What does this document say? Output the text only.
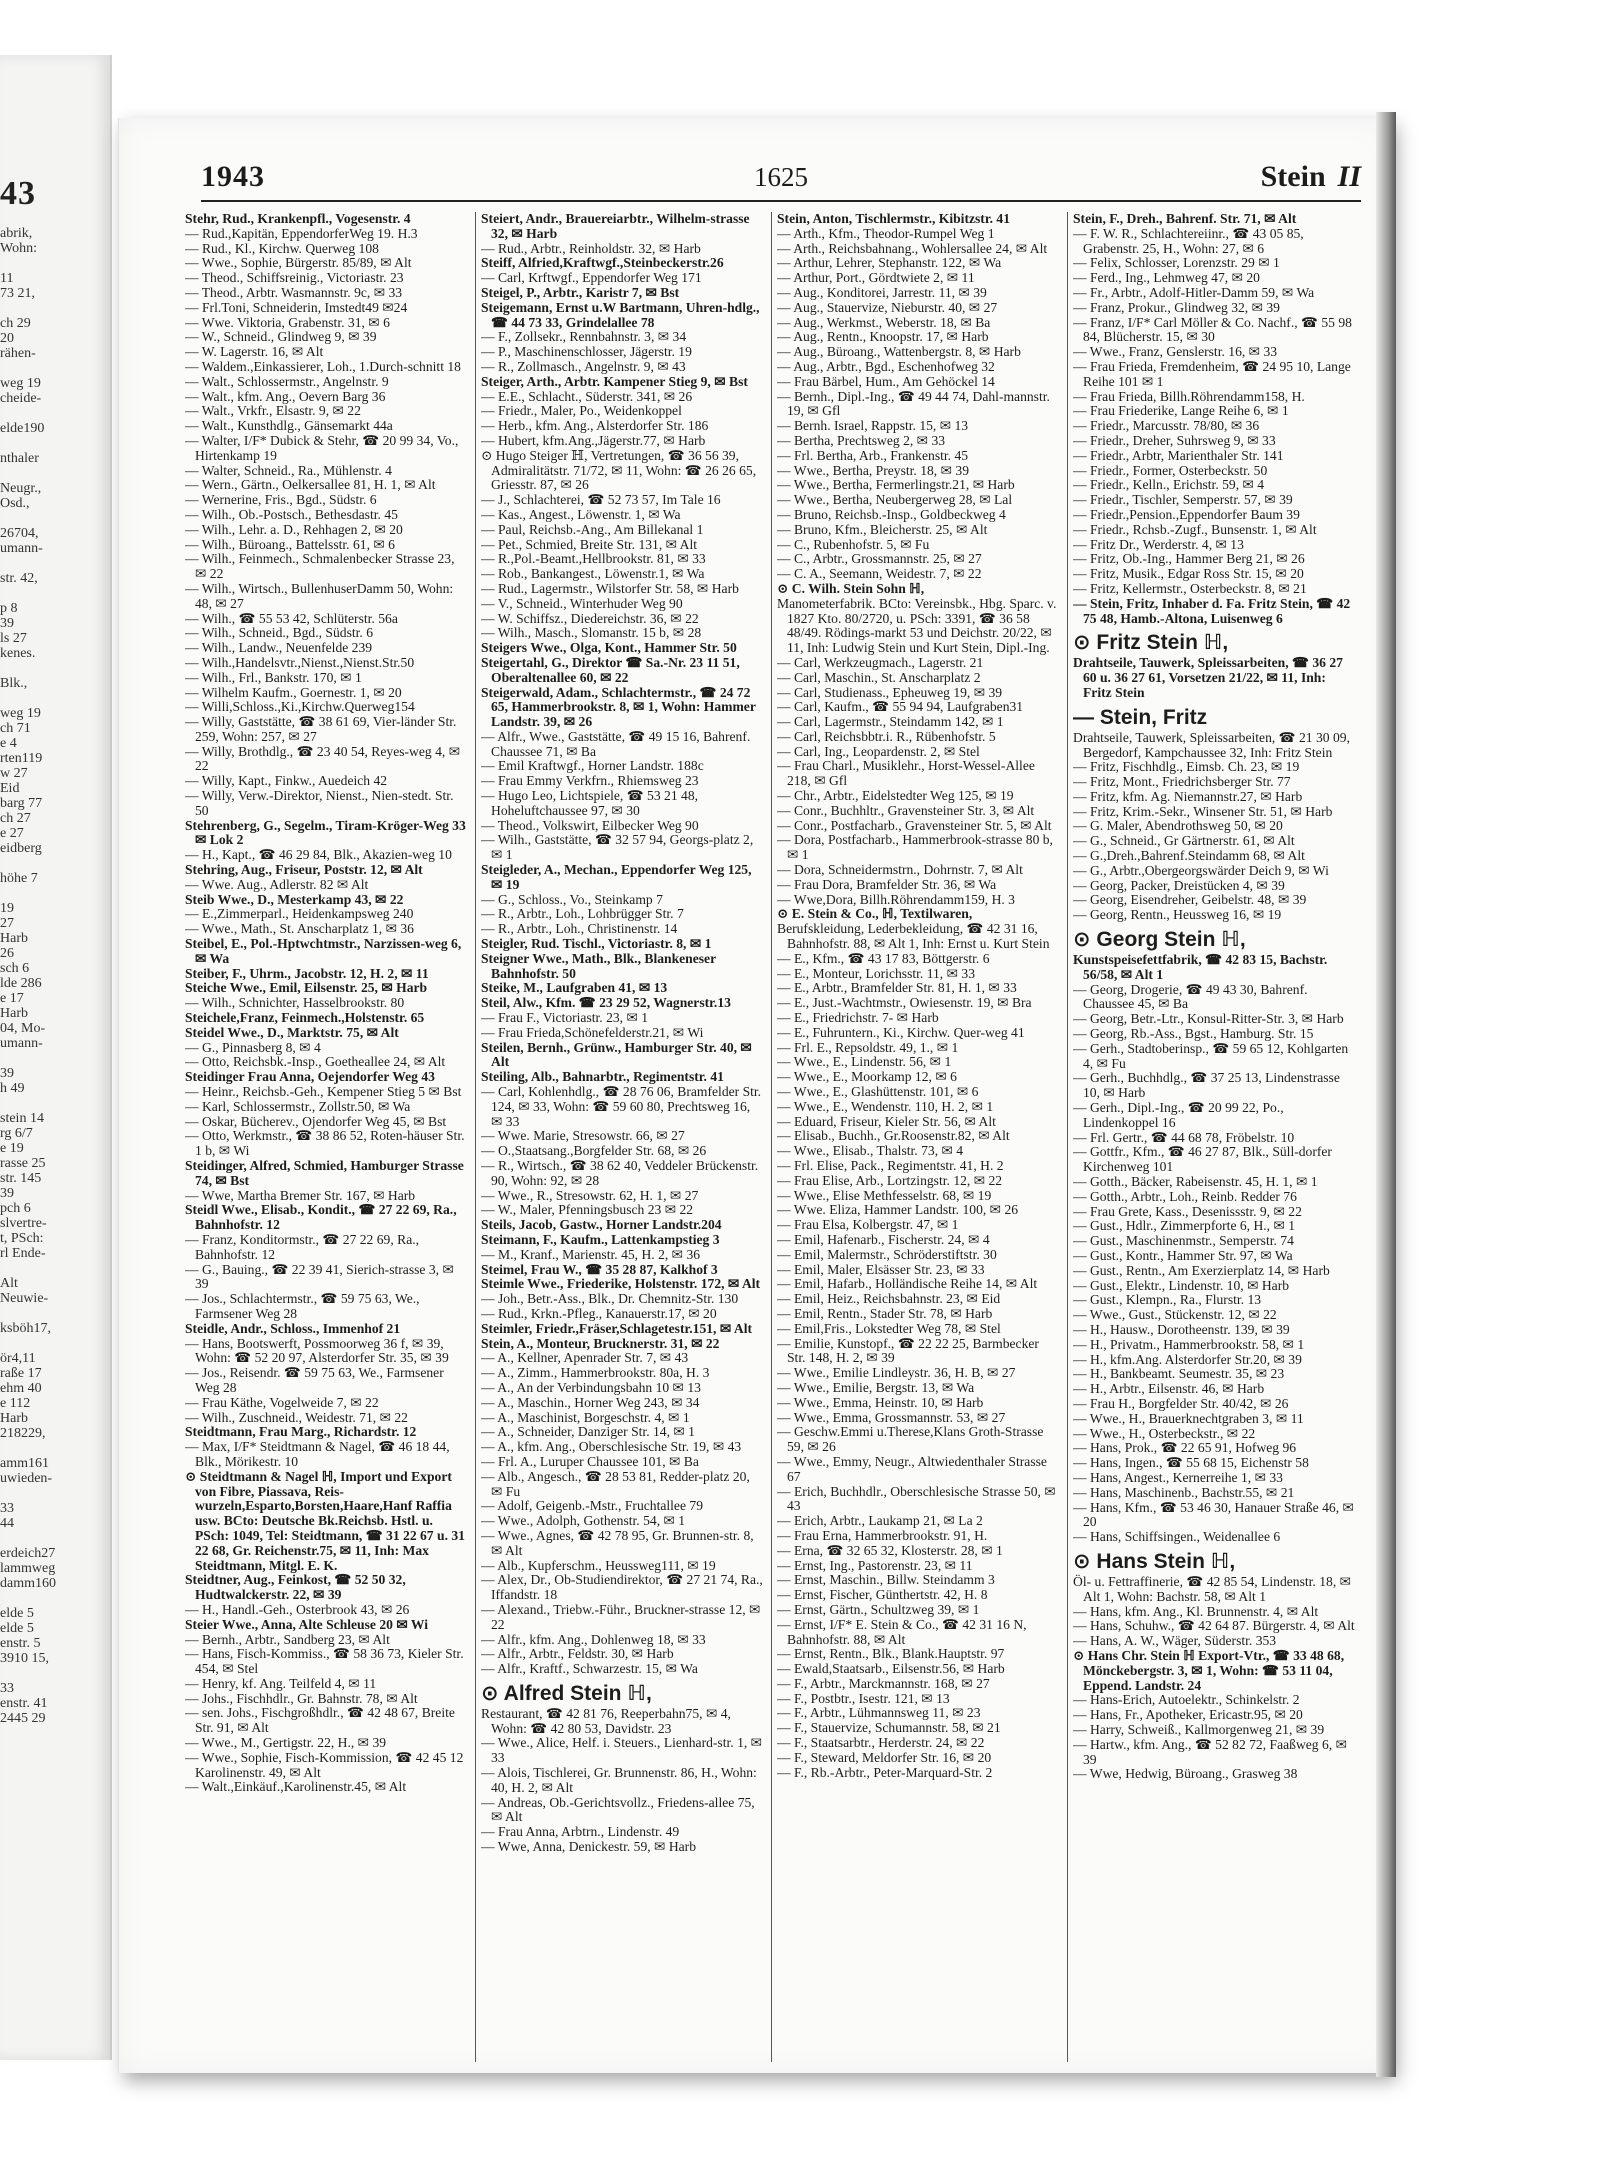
43
abrik,
Wohn:
11
73 21,
ch 29
20
rähen-
weg 19
cheide-
elde190
nthaler
Neugr.,
Osd.,
26704,
umann-
str. 42,
p 8
39
ls 27
kenes.
Blk.,
weg 19
ch 71
e 4
rten119
w 27
Eid
barg 77
ch 27
e 27
eidberg
höhe 7
19
27
Harb
26
sch 6
lde 286
e 17
Harb
04, Mo-
umann-
39
h 49
stein 14
rg 6/7
e 19
rasse 25
str. 145
39
pch 6
slvertre-
t, PSch:
rl Ende-
Alt
Neuwie-
ksböh17,
ör4,11
raße 17
ehm 40
e 112
Harb
218229,
amm161
uwieden-
33
44
erdeich27
lammweg
damm160
elde 5
elde 5
enstr. 5
3910 15,
33
enstr. 41
2445 29
1943	1625	Stein II

Stehr, Rud., Krankenpfl., Vogesenstr. 4

— Rud.,Kapitän, EppendorferWeg 19. H.3

— Rud., Kl., Kirchw. Querweg 108

— Wwe., Sophie, Bürgerstr. 85/89, ✉ Alt

— Theod., Schiffsreinig., Victoriastr. 23

— Theod., Arbtr. Wasmannstr. 9c, ✉ 33

— Frl.Toni, Schneiderin, Imstedt49 ✉24

— Wwe. Viktoria, Grabenstr. 31, ✉ 6

— W., Schneid., Glindweg 9, ✉ 39

— W. Lagerstr. 16, ✉ Alt

— Waldem.,Einkassierer, Loh., 1.Durch-schnitt 18

— Walt., Schlossermstr., Angelnstr. 9

— Walt., kfm. Ang., Oevern Barg 36

— Walt., Vrkfr., Elsastr. 9, ✉ 22

— Walt., Kunsthdlg., Gänsemarkt 44a

— Walter, I/F* Dubick & Stehr, ☎ 20 99 34, Vo., Hirtenkamp 19

— Walter, Schneid., Ra., Mühlenstr. 4

— Wern., Gärtn., Oelkersallee 81, H. 1, ✉ Alt

— Wernerine, Fris., Bgd., Südstr. 6

— Wilh., Ob.-Postsch., Bethesdastr. 45

— Wilh., Lehr. a. D., Rehhagen 2, ✉ 20

— Wilh., Büroang., Battelsstr. 61, ✉ 6

— Wilh., Feinmech., Schmalenbecker Strasse 23, ✉ 22

— Wilh., Wirtsch., BullenhuserDamm 50, Wohn: 48, ✉ 27

— Wilh., ☎ 55 53 42, Schlüterstr. 56a

— Wilh., Schneid., Bgd., Südstr. 6

— Wilh., Landw., Neuenfelde 239

— Wilh.,Handelsvtr.,Nienst.,Nienst.Str.50

— Wilh., Frl., Bankstr. 170, ✉ 1

— Wilhelm Kaufm., Goernestr. 1, ✉ 20

— Willi,Schloss.,Ki.,Kirchw.Querweg154

— Willy, Gaststätte, ☎ 38 61 69, Vier-länder Str. 259, Wohn: 257, ✉ 27

— Willy, Brothdlg., ☎ 23 40 54, Reyes-weg 4, ✉ 22

— Willy, Kapt., Finkw., Auedeich 42

— Willy, Verw.-Direktor, Nienst., Nien-stedt. Str. 50

Stehrenberg, G., Segelm., Tiram-Kröger-Weg 33 ✉ Lok 2

— H., Kapt., ☎ 46 29 84, Blk., Akazien-weg 10

Stehring, Aug., Friseur, Poststr. 12, ✉ Alt

— Wwe. Aug., Adlerstr. 82 ✉ Alt

Steib Wwe., D., Mesterkamp 43, ✉ 22

— E.,Zimmerparl., Heidenkampsweg 240

— Wwe., Math., St. Anscharplatz 1, ✉ 36

Steibel, E., Pol.-Hptwchtmstr., Narzissen-weg 6, ✉ Wa

Steiber, F., Uhrm., Jacobstr. 12, H. 2, ✉ 11

Steiche Wwe., Emil, Eilsenstr. 25, ✉ Harb

— Wilh., Schnichter, Hasselbrookstr. 80

Steichele,Franz, Feinmech.,Holstenstr. 65

Steidel Wwe., D., Marktstr. 75, ✉ Alt

— G., Pinnasberg 8, ✉ 4

— Otto, Reichsbk.-Insp., Goetheallee 24, ✉ Alt

Steidinger Frau Anna, Oejendorfer Weg 43

— Heinr., Reichsb.-Geh., Kempener Stieg 5 ✉ Bst

— Karl, Schlossermstr., Zollstr.50, ✉ Wa

— Oskar, Bücherev., Ojendorfer Weg 45, ✉ Bst

— Otto, Werkmstr., ☎ 38 86 52, Roten-häuser Str. 1 b, ✉ Wi

Steidinger, Alfred, Schmied, Hamburger Strasse 74, ✉ Bst

— Wwe, Martha Bremer Str. 167, ✉ Harb

Steidl Wwe., Elisab., Kondit., ☎ 27 22 69, Ra., Bahnhofstr. 12

— Franz, Konditormstr., ☎ 27 22 69, Ra., Bahnhofstr. 12

— G., Bauing., ☎ 22 39 41, Sierich-strasse 3, ✉ 39

— Jos., Schlachtermstr., ☎ 59 75 63, We., Farmsener Weg 28

Steidle, Andr., Schloss., Immenhof 21

— Hans, Bootswerft, Possmoorweg 36 f, ✉ 39, Wohn: ☎ 52 20 97, Alsterdorfer Str. 35, ✉ 39

— Jos., Reisendr. ☎ 59 75 63, We., Farmsener Weg 28

— Frau Käthe, Vogelweide 7, ✉ 22

— Wilh., Zuschneid., Weidestr. 71, ✉ 22

Steidtmann, Frau Marg., Richardstr. 12

— Max, I/F* Steidtmann & Nagel, ☎ 46 18 44, Blk., Mörikestr. 10

⊙ Steidtmann & Nagel ℍ, Import und Export von Fibre, Piassava, Reis-wurzeln,Esparto,Borsten,Haare,Hanf Raffia usw. BCto: Deutsche Bk.Reichsb. Hstl. u. PSch: 1049, Tel: Steidtmann, ☎ 31 22 67 u. 31 22 68, Gr. Reichenstr.75, ✉ 11, Inh: Max Steidtmann, Mitgl. E. K.

Steidtner, Aug., Feinkost, ☎ 52 50 32, Hudtwalckerstr. 22, ✉ 39

— H., Handl.-Geh., Osterbrook 43, ✉ 26

Steier Wwe., Anna, Alte Schleuse 20 ✉ Wi

— Bernh., Arbtr., Sandberg 23, ✉ Alt

— Hans, Fisch-Kommiss., ☎ 58 36 73, Kieler Str. 454, ✉ Stel

— Henry, kf. Ang. Teilfeld 4, ✉ 11

— Johs., Fischhdlr., Gr. Bahnstr. 78, ✉ Alt

— sen. Johs., Fischgroßhdlr., ☎ 42 48 67, Breite Str. 91, ✉ Alt

— Wwe., M., Gertigstr. 22, H., ✉ 39

— Wwe., Sophie, Fisch-Kommission, ☎ 42 45 12 Karolinenstr. 49, ✉ Alt

— Walt.,Einkäuf.,Karolinenstr.45, ✉ Alt

Steiert, Andr., Brauereiarbtr., Wilhelm-strasse 32, ✉ Harb

— Rud., Arbtr., Reinholdstr. 32, ✉ Harb

Steiff, Alfried,Kraftwgf.,Steinbeckerstr.26

— Carl, Krftwgf., Eppendorfer Weg 171

Steigel, P., Arbtr., Karistr 7, ✉ Bst

Steigemann, Ernst u.W Bartmann, Uhren-hdlg., ☎ 44 73 33, Grindelallee 78

— F., Zollsekr., Rennbahnstr. 3, ✉ 34

— P., Maschinenschlosser, Jägerstr. 19

— R., Zollmasch., Angelnstr. 9, ✉ 43

Steiger, Arth., Arbtr. Kampener Stieg 9, ✉ Bst

— E.E., Schlacht., Süderstr. 341, ✉ 26

— Friedr., Maler, Po., Weidenkoppel

— Herb., kfm. Ang., Alsterdorfer Str. 186

— Hubert, kfm.Ang.,Jägerstr.77, ✉ Harb

⊙ Hugo Steiger ℍ, Vertretungen, ☎ 36 56 39, Admiralitätstr. 71/72, ✉ 11, Wohn: ☎ 26 26 65, Griesstr. 87, ✉ 26

— J., Schlachterei, ☎ 52 73 57, Im Tale 16

— Kas., Angest., Löwenstr. 1, ✉ Wa

— Paul, Reichsb.-Ang., Am Billekanal 1

— Pet., Schmied, Breite Str. 131, ✉ Alt

— R.,Pol.-Beamt.,Hellbrookstr. 81, ✉ 33

— Rob., Bankangest., Löwenstr.1, ✉ Wa

— Rud., Lagermstr., Wilstorfer Str. 58, ✉ Harb

— V., Schneid., Winterhuder Weg 90

— W. Schiffsz., Diedereichstr. 36, ✉ 22

— Wilh., Masch., Slomanstr. 15 b, ✉ 28

Steigers Wwe., Olga, Kont., Hammer Str. 50

Steigertahl, G., Direktor ☎ Sa.-Nr. 23 11 51, Oberaltenallee 60, ✉ 22

Steigerwald, Adam., Schlachtermstr., ☎ 24 72 65, Hammerbrookstr. 8, ✉ 1, Wohn: Hammer Landstr. 39, ✉ 26

— Alfr., Wwe., Gaststätte, ☎ 49 15 16, Bahrenf. Chaussee 71, ✉ Ba

— Emil Kraftwgf., Horner Landstr. 188c

— Frau Emmy Verkfrn., Rhiemsweg 23

— Hugo Leo, Lichtspiele, ☎ 53 21 48, Hoheluftchaussee 97, ✉ 30

— Theod., Volkswirt, Eilbecker Weg 90

— Wilh., Gaststätte, ☎ 32 57 94, Georgs-platz 2, ✉ 1

Steigleder, A., Mechan., Eppendorfer Weg 125, ✉ 19

— G., Schloss., Vo., Steinkamp 7

— R., Arbtr., Loh., Lohbrügger Str. 7

— R., Arbtr., Loh., Christinenstr. 14

Steigler, Rud. Tischl., Victoriastr. 8, ✉ 1

Steigner Wwe., Math., Blk., Blankeneser Bahnhofstr. 50

Steike, M., Laufgraben 41, ✉ 13

Steil, Alw., Kfm. ☎ 23 29 52, Wagnerstr.13

— Frau F., Victoriastr. 23, ✉ 1

— Frau Frieda,Schönefelderstr.21, ✉ Wi

Steilen, Bernh., Grünw., Hamburger Str. 40, ✉ Alt

Steiling, Alb., Bahnarbtr., Regimentstr. 41

— Carl, Kohlenhdlg., ☎ 28 76 06, Bramfelder Str. 124, ✉ 33, Wohn: ☎ 59 60 80, Prechtsweg 16, ✉ 33

— Wwe. Marie, Stresowstr. 66, ✉ 27

— O.,Staatsang.,Borgfelder Str. 68, ✉ 26

— R., Wirtsch., ☎ 38 62 40, Veddeler Brückenstr. 90, Wohn: 92, ✉ 28

— Wwe., R., Stresowstr. 62, H. 1, ✉ 27

— W., Maler, Pfenningsbusch 23 ✉ 22

Steils, Jacob, Gastw., Horner Landstr.204

Steimann, F., Kaufm., Lattenkampstieg 3

— M., Kranf., Marienstr. 45, H. 2, ✉ 36

Steimel, Frau W., ☎ 35 28 87, Kalkhof 3

Steimle Wwe., Friederike, Holstenstr. 172, ✉ Alt

— Joh., Betr.-Ass., Blk., Dr. Chemnitz-Str. 130

— Rud., Krkn.-Pfleg., Kanauerstr.17, ✉ 20

Steimler, Friedr.,Fräser,Schlagetestr.151, ✉ Alt

Stein, A., Monteur, Brucknerstr. 31, ✉ 22

— A., Kellner, Apenrader Str. 7, ✉ 43

— A., Zimm., Hammerbrookstr. 80a, H. 3

— A., An der Verbindungsbahn 10 ✉ 13

— A., Maschin., Horner Weg 243, ✉ 34

— A., Maschinist, Borgeschstr. 4, ✉ 1

— A., Schneider, Danziger Str. 14, ✉ 1

— A., kfm. Ang., Oberschlesische Str. 19, ✉ 43

— Frl. A., Luruper Chaussee 101, ✉ Ba

— Alb., Angesch., ☎ 28 53 81, Redder-platz 20, ✉ Fu

— Adolf, Geigenb.-Mstr., Fruchtallee 79

— Wwe., Adolph, Gothenstr. 54, ✉ 1

— Wwe., Agnes, ☎ 42 78 95, Gr. Brunnen-str. 8, ✉ Alt

— Alb., Kupferschm., Heussweg111, ✉ 19

— Alex, Dr., Ob-Studiendirektor, ☎ 27 21 74, Ra., Iffandstr. 18

— Alexand., Triebw.-Führ., Bruckner-strasse 12, ✉ 22

— Alfr., kfm. Ang., Dohlenweg 18, ✉ 33

— Alfr., Arbtr., Feldstr. 30, ✉ Harb

— Alfr., Kraftf., Schwarzestr. 15, ✉ Wa

⊙ Alfred Stein ℍ,

Restaurant, ☎ 42 81 76, Reeperbahn75, ✉ 4, Wohn: ☎ 42 80 53, Davidstr. 23

— Wwe., Alice, Helf. i. Steuers., Lienhard-str. 1, ✉ 33

— Alois, Tischlerei, Gr. Brunnenstr. 86, H., Wohn: 40, H. 2, ✉ Alt

— Andreas, Ob.-Gerichtsvollz., Friedens-allee 75, ✉ Alt

— Frau Anna, Arbtrn., Lindenstr. 49

— Wwe, Anna, Denickestr. 59, ✉ Harb

Stein, Anton, Tischlermstr., Kibitzstr. 41

— Arth., Kfm., Theodor-Rumpel Weg 1

— Arth., Reichsbahnang., Wohlersallee 24, ✉ Alt

— Arthur, Lehrer, Stephanstr. 122, ✉ Wa

— Arthur, Port., Gördtwiete 2, ✉ 11

— Aug., Konditorei, Jarrestr. 11, ✉ 39

— Aug., Stauervize, Nieburstr. 40, ✉ 27

— Aug., Werkmst., Weberstr. 18, ✉ Ba

— Aug., Rentn., Knoopstr. 17, ✉ Harb

— Aug., Büroang., Wattenbergstr. 8, ✉ Harb

— Aug., Arbtr., Bgd., Eschenhofweg 32

— Frau Bärbel, Hum., Am Gehöckel 14

— Bernh., Dipl.-Ing., ☎ 49 44 74, Dahl-mannstr. 19, ✉ Gfl

— Bernh. Israel, Rappstr. 15, ✉ 13

— Bertha, Prechtsweg 2, ✉ 33

— Frl. Bertha, Arb., Frankenstr. 45

— Wwe., Bertha, Preystr. 18, ✉ 39

— Wwe., Bertha, Fermerlingstr.21, ✉ Harb

— Wwe., Bertha, Neubergerweg 28, ✉ Lal

— Bruno, Reichsb.-Insp., Goldbeckweg 4

— Bruno, Kfm., Bleicherstr. 25, ✉ Alt

— C., Rubenhofstr. 5, ✉ Fu

— C., Arbtr., Grossmannstr. 25, ✉ 27

— C. A., Seemann, Weidestr. 7, ✉ 22

⊙ C. Wilh. Stein Sohn ℍ,

Manometerfabrik. BCto: Vereinsbk., Hbg. Sparc. v. 1827 Kto. 80/2720, u. PSch: 3391, ☎ 36 58 48/49. Rödings-markt 53 und Deichstr. 20/22, ✉ 11, Inh: Ludwig Stein und Kurt Stein, Dipl.-Ing.

— Carl, Werkzeugmach., Lagerstr. 21

— Carl, Maschin., St. Anscharplatz 2

— Carl, Studienass., Epheuweg 19, ✉ 39

— Carl, Kaufm., ☎ 55 94 94, Laufgraben31

— Carl, Lagermstr., Steindamm 142, ✉ 1

— Carl, Reichsbbtr.i. R., Rübenhofstr. 5

— Carl, Ing., Leopardenstr. 2, ✉ Stel

— Frau Charl., Musiklehr., Horst-Wessel-Allee 218, ✉ Gfl

— Chr., Arbtr., Eidelstedter Weg 125, ✉ 19

— Conr., Buchhltr., Gravensteiner Str. 3, ✉ Alt

— Conr., Postfacharb., Gravensteiner Str. 5, ✉ Alt

— Dora, Postfacharb., Hammerbrook-strasse 80 b, ✉ 1

— Dora, Schneidermstrn., Dohrnstr. 7, ✉ Alt

— Frau Dora, Bramfelder Str. 36, ✉ Wa

— Wwe,Dora, Billh.Röhrendamm159, H. 3

⊙ E. Stein & Co., ℍ, Textilwaren,

Berufskleidung, Lederbekleidung, ☎ 42 31 16, Bahnhofstr. 88, ✉ Alt 1, Inh: Ernst u. Kurt Stein

— E., Kfm., ☎ 43 17 83, Böttgerstr. 6

— E., Monteur, Lorichsstr. 11, ✉ 33

— E., Arbtr., Bramfelder Str. 81, H. 1, ✉ 33

— E., Just.-Wachtmstr., Owiesenstr. 19, ✉ Bra

— E., Friedrichstr. 7- ✉ Harb

— E., Fuhruntern., Ki., Kirchw. Quer-weg 41

— Frl. E., Repsoldstr. 49, 1., ✉ 1

— Wwe., E., Lindenstr. 56, ✉ 1

— Wwe., E., Moorkamp 12, ✉ 6

— Wwe., E., Glashüttenstr. 101, ✉ 6

— Wwe., E., Wendenstr. 110, H. 2, ✉ 1

— Eduard, Friseur, Kieler Str. 56, ✉ Alt

— Elisab., Buchh., Gr.Roosenstr.82, ✉ Alt

— Wwe., Elisab., Thalstr. 73, ✉ 4

— Frl. Elise, Pack., Regimentstr. 41, H. 2

— Frau Elise, Arb., Lortzingstr. 12, ✉ 22

— Wwe., Elise Methfesselstr. 68, ✉ 19

— Wwe. Eliza, Hammer Landstr. 100, ✉ 26

— Frau Elsa, Kolbergstr. 47, ✉ 1

— Emil, Hafenarb., Fischerstr. 24, ✉ 4

— Emil, Malermstr., Schröderstiftstr. 30

— Emil, Maler, Elsässer Str. 23, ✉ 33

— Emil, Hafarb., Holländische Reihe 14, ✉ Alt

— Emil, Heiz., Reichsbahnstr. 23, ✉ Eid

— Emil, Rentn., Stader Str. 78, ✉ Harb

— Emil,Fris., Lokstedter Weg 78, ✉ Stel

— Emilie, Kunstopf., ☎ 22 22 25, Barmbecker Str. 148, H. 2, ✉ 39

— Wwe., Emilie Lindleystr. 36, H. B, ✉ 27

— Wwe., Emilie, Bergstr. 13, ✉ Wa

— Wwe., Emma, Heinstr. 10, ✉ Harb

— Wwe., Emma, Grossmannstr. 53, ✉ 27

— Geschw.Emmi u.Therese,Klans Groth-Strasse 59, ✉ 26

— Wwe., Emmy, Neugr., Altwiedenthaler Strasse 67

— Erich, Buchhdlr., Oberschlesische Strasse 50, ✉ 43

— Erich, Arbtr., Laukamp 21, ✉ La 2

— Frau Erna, Hammerbrookstr. 91, H.

— Erna, ☎ 32 65 32, Klosterstr. 28, ✉ 1

— Ernst, Ing., Pastorenstr. 23, ✉ 11

— Ernst, Maschin., Billw. Steindamm 3

— Ernst, Fischer, Günthertstr. 42, H. 8

— Ernst, Gärtn., Schultzweg 39, ✉ 1

— Ernst, I/F* E. Stein & Co., ☎ 42 31 16 N, Bahnhofstr. 88, ✉ Alt

— Ernst, Rentn., Blk., Blank.Hauptstr. 97

— Ewald,Staatsarb., Eilsenstr.56, ✉ Harb

— F., Arbtr., Marckmannstr. 168, ✉ 27

— F., Postbtr., Isestr. 121, ✉ 13

— F., Arbtr., Lühmannsweg 11, ✉ 23

— F., Stauervize, Schumannstr. 58, ✉ 21

— F., Staatsarbtr., Herderstr. 24, ✉ 22

— F., Steward, Meldorfer Str. 16, ✉ 20

— F., Rb.-Arbtr., Peter-Marquard-Str. 2

Stein, F., Dreh., Bahrenf. Str. 71, ✉ Alt

— F. W. R., Schlachtereiinr., ☎ 43 05 85, Grabenstr. 25, H., Wohn: 27, ✉ 6

— Felix, Schlosser, Lorenzstr. 29 ✉ 1

— Ferd., Ing., Lehmweg 47, ✉ 20

— Fr., Arbtr., Adolf-Hitler-Damm 59, ✉ Wa

— Franz, Prokur., Glindweg 32, ✉ 39

— Franz, I/F* Carl Möller & Co. Nachf., ☎ 55 98 84, Blücherstr. 15, ✉ 30

— Wwe., Franz, Genslerstr. 16, ✉ 33

— Frau Frieda, Fremdenheim, ☎ 24 95 10, Lange Reihe 101 ✉ 1

— Frau Frieda, Billh.Röhrendamm158, H.

— Frau Friederike, Lange Reihe 6, ✉ 1

— Friedr., Marcusstr. 78/80, ✉ 36

— Friedr., Dreher, Suhrsweg 9, ✉ 33

— Friedr., Arbtr, Marienthaler Str. 141

— Friedr., Former, Osterbeckstr. 50

— Friedr., Kelln., Erichstr. 59, ✉ 4

— Friedr., Tischler, Semperstr. 57, ✉ 39

— Friedr.,Pension.,Eppendorfer Baum 39

— Friedr., Rchsb.-Zugf., Bunsenstr. 1, ✉ Alt

— Fritz Dr., Werderstr. 4, ✉ 13

— Fritz, Ob.-Ing., Hammer Berg 21, ✉ 26

— Fritz, Musik., Edgar Ross Str. 15, ✉ 20

— Fritz, Kellermstr., Osterbeckstr. 8, ✉ 21

— Stein, Fritz, Inhaber d. Fa. Fritz Stein, ☎ 42 75 48, Hamb.-Altona, Luisenweg 6

⊙ Fritz Stein ℍ,

Drahtseile, Tauwerk, Spleissarbeiten, ☎ 36 27 60 u. 36 27 61, Vorsetzen 21/22, ✉ 11, Inh: Fritz Stein

— Stein, Fritz

Drahtseile, Tauwerk, Spleissarbeiten, ☎ 21 30 09, Bergedorf, Kampchaussee 32, Inh: Fritz Stein

— Fritz, Fischhdlg., Eimsb. Ch. 23, ✉ 19

— Fritz, Mont., Friedrichsberger Str. 77

— Fritz, kfm. Ag. Niemannstr.27, ✉ Harb

— Fritz, Krim.-Sekr., Winsener Str. 51, ✉ Harb

— G. Maler, Abendrothsweg 50, ✉ 20

— G., Schneid., Gr Gärtnerstr. 61, ✉ Alt

— G.,Dreh.,Bahrenf.Steindamm 68, ✉ Alt

— G., Arbtr.,Obergeorgswärder Deich 9, ✉ Wi

— Georg, Packer, Dreistücken 4, ✉ 39

— Georg, Eisendreher, Geibelstr. 48, ✉ 39

— Georg, Rentn., Heussweg 16, ✉ 19

⊙ Georg Stein ℍ,

Kunstspeisefettfabrik, ☎ 42 83 15, Bachstr. 56/58, ✉ Alt 1

— Georg, Drogerie, ☎ 49 43 30, Bahrenf. Chaussee 45, ✉ Ba

— Georg, Betr.-Ltr., Konsul-Ritter-Str. 3, ✉ Harb

— Georg, Rb.-Ass., Bgst., Hamburg. Str. 15

— Gerh., Stadtoberinsp., ☎ 59 65 12, Kohlgarten 4, ✉ Fu

— Gerh., Buchhdlg., ☎ 37 25 13, Lindenstrasse 10, ✉ Harb

— Gerh., Dipl.-Ing., ☎ 20 99 22, Po., Lindenkoppel 16

— Frl. Gertr., ☎ 44 68 78, Fröbelstr. 10

— Gottfr., Kfm., ☎ 46 27 87, Blk., Süll-dorfer Kirchenweg 101

— Gotth., Bäcker, Rabeisenstr. 45, H. 1, ✉ 1

— Gotth., Arbtr., Loh., Reinb. Redder 76

— Frau Grete, Kass., Desenissstr. 9, ✉ 22

— Gust., Hdlr., Zimmerpforte 6, H., ✉ 1

— Gust., Maschinenmstr., Semperstr. 74

— Gust., Kontr., Hammer Str. 97, ✉ Wa

— Gust., Rentn., Am Exerzierplatz 14, ✉ Harb

— Gust., Elektr., Lindenstr. 10, ✉ Harb

— Gust., Klempn., Ra., Flurstr. 13

— Wwe., Gust., Stückenstr. 12, ✉ 22

— H., Hausw., Dorotheenstr. 139, ✉ 39

— H., Privatm., Hammerbrookstr. 58, ✉ 1

— H., kfm.Ang. Alsterdorfer Str.20, ✉ 39

— H., Bankbeamt. Seumestr. 35, ✉ 23

— H., Arbtr., Eilsenstr. 46, ✉ Harb

— Frau H., Borgfelder Str. 40/42, ✉ 26

— Wwe., H., Brauerknechtgraben 3, ✉ 11

— Wwe., H., Osterbeckstr., ✉ 22

— Hans, Prok., ☎ 22 65 91, Hofweg 96

— Hans, Ingen., ☎ 55 68 15, Eichenstr 58

— Hans, Angest., Kernerreihe 1, ✉ 33

— Hans, Maschinenb., Bachstr.55, ✉ 21

— Hans, Kfm., ☎ 53 46 30, Hanauer Straße 46, ✉ 20

— Hans, Schiffsingen., Weidenallee 6

⊙ Hans Stein ℍ,

Öl- u. Fettraffinerie, ☎ 42 85 54, Lindenstr. 18, ✉ Alt 1, Wohn: Bachstr. 58, ✉ Alt 1

— Hans, kfm. Ang., Kl. Brunnenstr. 4, ✉ Alt

— Hans, Schuhw., ☎ 42 64 87. Bürgerstr. 4, ✉ Alt

— Hans, A. W., Wäger, Süderstr. 353

⊙ Hans Chr. Stein ℍ Export-Vtr., ☎ 33 48 68, Mönckebergstr. 3, ✉ 1, Wohn: ☎ 53 11 04, Eppend. Landstr. 24

— Hans-Erich, Autoelektr., Schinkelstr. 2

— Hans, Fr., Apotheker, Ericastr.95, ✉ 20

— Harry, Schweiß., Kallmorgenweg 21, ✉ 39

— Hartw., kfm. Ang., ☎ 52 82 72, Faaßweg 6, ✉ 39

— Wwe, Hedwig, Büroang., Grasweg 38
